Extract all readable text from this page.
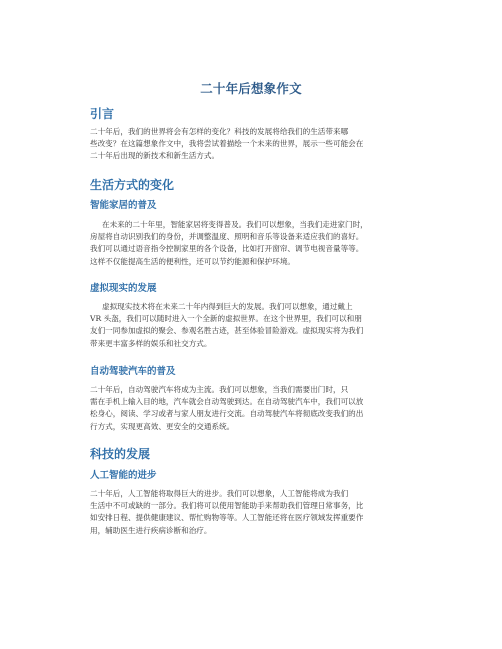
二十年后想象作文
引言
二十年后，我们的世界将会有怎样的变化？科技的发展将给我们的生活带来哪
些改变？在这篇想象作文中，我将尝试着描绘一个未来的世界，展示一些可能会在
二十年后出现的新技术和新生活方式。
生活方式的变化
智能家居的普及
在未来的二十年里，智能家居将变得普及。我们可以想象，当我们走进家门时，
房屋将自动识别我们的身份，并调整温度、照明和音乐等设备来适应我们的喜好。
我们可以通过语音指令控制家里的各个设备，比如打开窗帘、调节电视音量等等。
这样不仅能提高生活的便利性，还可以节约能源和保护环境。
虚拟现实的发展
虚拟现实技术将在未来二十年内得到巨大的发展。我们可以想象，通过戴上
VR 头盔，我们可以随时进入一个全新的虚拟世界。在这个世界里，我们可以和朋
友们一同参加虚拟的聚会、参观名胜古迹，甚至体验冒险游戏。虚拟现实将为我们
带来更丰富多样的娱乐和社交方式。
自动驾驶汽车的普及
二十年后，自动驾驶汽车将成为主流。我们可以想象，当我们需要出门时，只
需在手机上输入目的地，汽车就会自动驾驶到达。在自动驾驶汽车中，我们可以放
松身心，阅读、学习或者与家人朋友进行交流。自动驾驶汽车将彻底改变我们的出
行方式，实现更高效、更安全的交通系统。
科技的发展
人工智能的进步
二十年后，人工智能将取得巨大的进步。我们可以想象，人工智能将成为我们
生活中不可或缺的一部分。我们将可以使用智能助手来帮助我们管理日常事务，比
如安排日程、提供健康建议、帮忙购物等等。人工智能还将在医疗领域发挥重要作
用，辅助医生进行疾病诊断和治疗。
